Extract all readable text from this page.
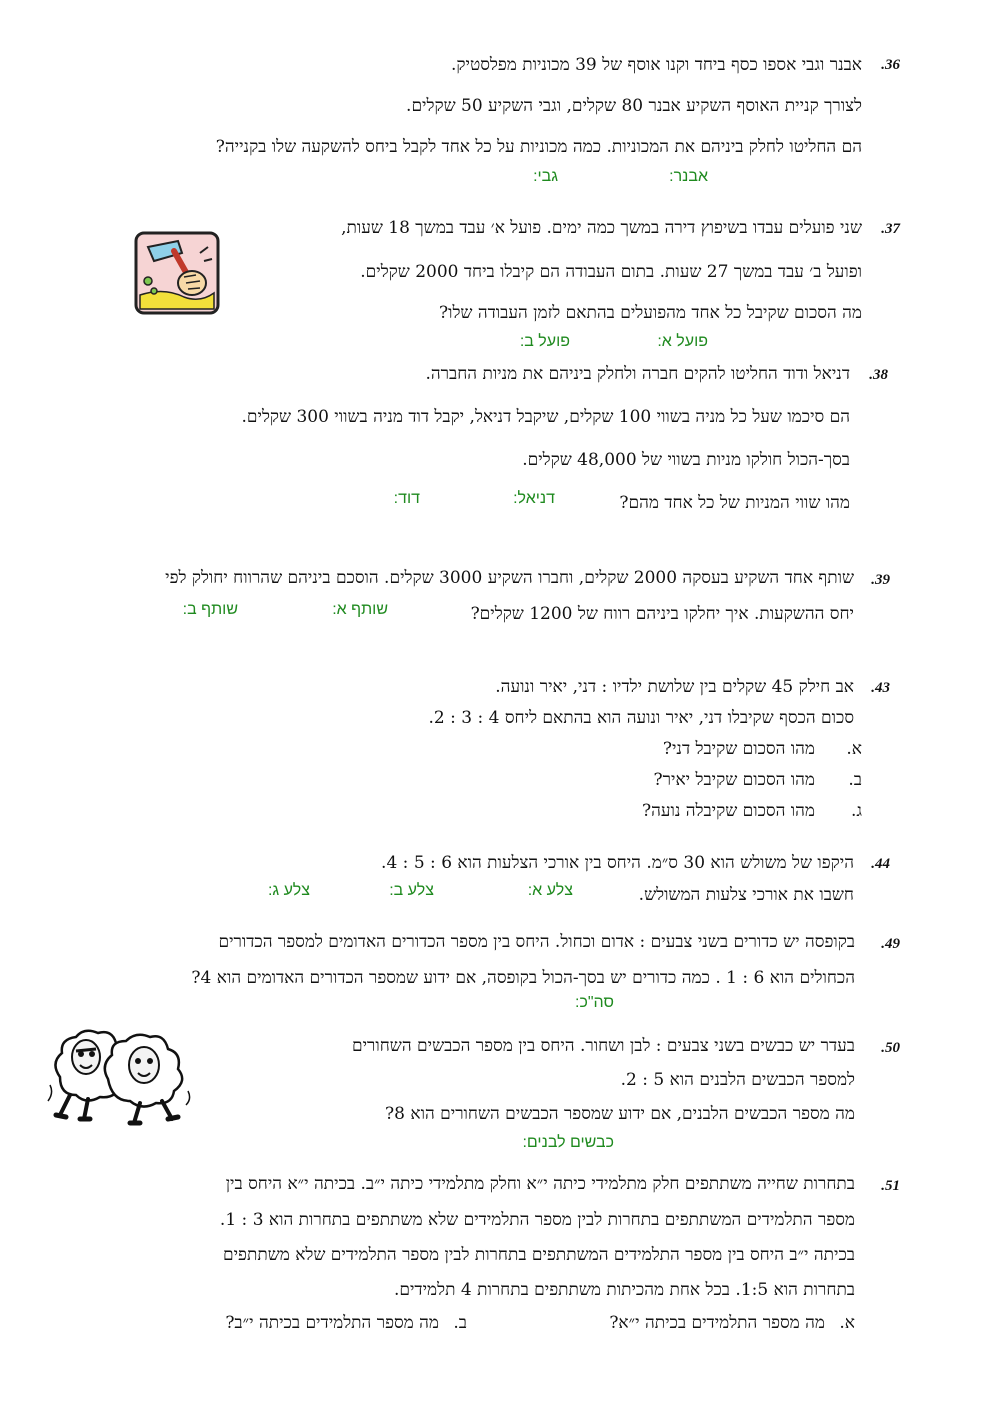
.36
אבנר וגבי אספו כסף ביחד וקנו אוסף של 39 מכוניות מפלסטיק.
לצורך קניית האוסף השקיע אבנר 80 שקלים, וגבי השקיע 50 שקלים.
הם החליטו לחלק ביניהם את המכוניות. כמה מכוניות על כל אחד לקבל ביחס להשקעה שלו בקנייה?
אבנר:
גבי:
.37
שני פועלים עבדו בשיפוץ דירה במשך כמה ימים. פועל א׳ עבד במשך 18 שעות,
ופועל ב׳ עבד במשך 27 שעות. בתום העבודה הם קיבלו ביחד 2000 שקלים.
מה הסכום שקיבל כל אחד מהפועלים בהתאם לזמן העבודה שלו?
פועל א:
פועל ב:
.38
דניאל ודוד החליטו להקים חברה ולחלק ביניהם את מניות החברה.
הם סיכמו שעל כל מניה בשווי 100 שקלים, שיקבל דניאל, יקבל דוד מניה בשווי 300 שקלים.
בסך-הכול חולקו מניות בשווי של 48,000 שקלים.
מהו שווי המניות של כל אחד מהם?
דניאל:
דוד:
.39
שותף אחד השקיע בעסקה 2000 שקלים, וחברו השקיע 3000 שקלים. הוסכם ביניהם שהרווח יחולק לפי
יחס ההשקעות. איך יחלקו ביניהם רווח של 1200 שקלים?
שותף א:
שותף ב:
.43
אב חילק 45 שקלים בין שלושת ילדיו : דני, יאיר ונועה.
סכום הכסף שקיבלו דני, יאיר ונועה הוא בהתאם ליחס 4 : 3 : 2.
א.
מהו הסכום שקיבל דני?
ב.
מהו הסכום שקיבל יאיר?
ג.
מהו הסכום שקיבלה נועה?
.44
היקפו של משולש הוא 30 ס״מ. היחס בין אורכי הצלעות הוא 6 : 5 : 4.
חשבו את אורכי צלעות המשולש.
צלע א:
צלע ב:
צלע ג:
.49
בקופסה יש כדורים בשני צבעים : אדום וכחול. היחס בין מספר הכדורים האדומים למספר הכדורים
הכחולים הוא 6 : 1 . כמה כדורים יש בסך-הכול בקופסה, אם ידוע שמספר הכדורים האדומים הוא 4?
סה"כ:
.50
בעדר יש כבשים בשני צבעים : לבן ושחור. היחס בין מספר הכבשים השחורים
למספר הכבשים הלבנים הוא 5 : 2.
מה מספר הכבשים הלבנים, אם ידוע שמספר הכבשים השחורים הוא 8?
כבשים לבנים:
.51
בתחרות שחייה משתתפים חלק מתלמידי כיתה י״א וחלק מתלמידי כיתה י״ב. בכיתה י״א היחס בין
מספר התלמידים המשתתפים בתחרות לבין מספר התלמידים שלא משתתפים בתחרות הוא 3 : 1.
בכיתה י״ב היחס בין מספר התלמידים המשתתפים בתחרות לבין מספר התלמידים שלא משתתפים
בתחרות הוא 1:5. בכל אחת מהכיתות משתתפים בתחרות 4 תלמידים.
א.
מה מספר התלמידים בכיתה י״א?
ב.
מה מספר התלמידים בכיתה י״ב?
